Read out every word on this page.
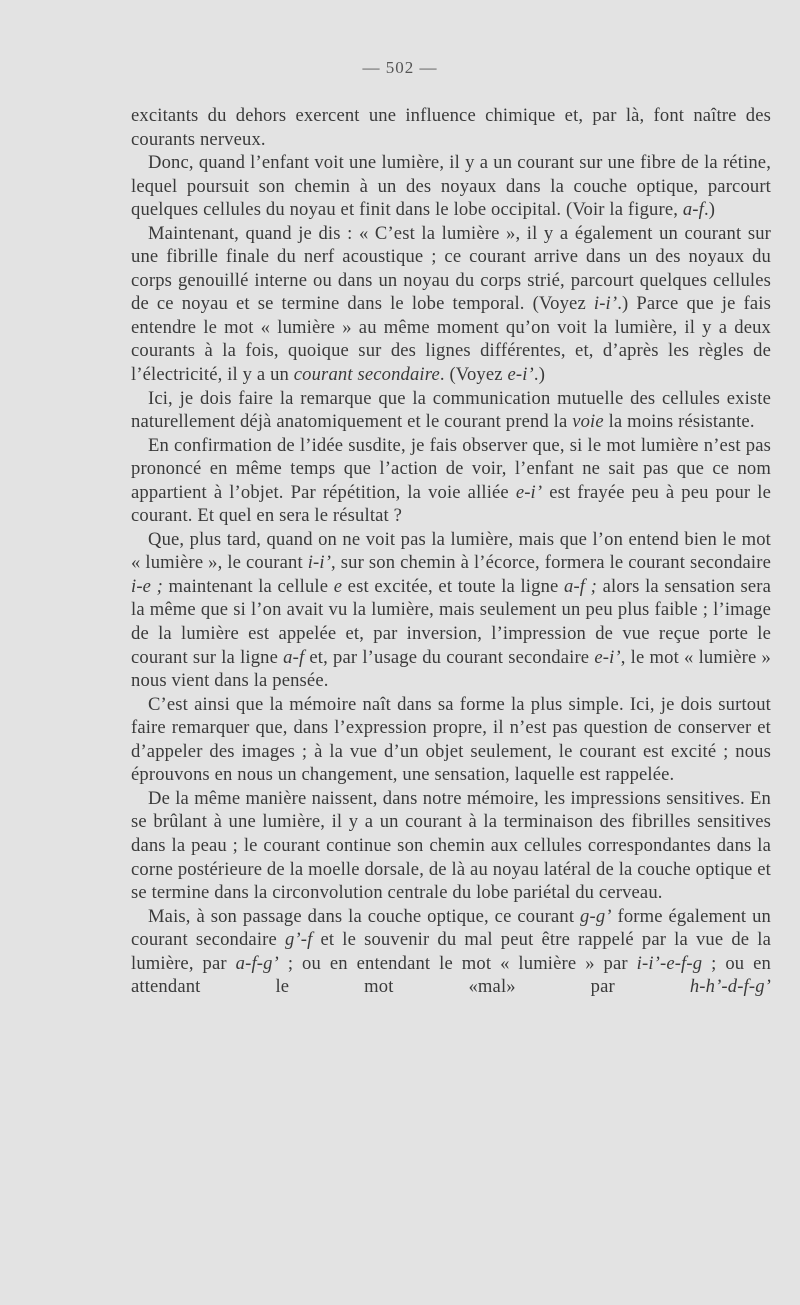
— 502 —

excitants du dehors exercent une influence chimique et, par là, font naître des courants nerveux.

Donc, quand l’enfant voit une lumière, il y a un courant sur une fibre de la rétine, lequel poursuit son chemin à un des noyaux dans la couche optique, parcourt quelques cellules du noyau et finit dans le lobe occipital. (Voir la figure, a-f.)

Maintenant, quand je dis : « C’est la lumière », il y a également un courant sur une fibrille finale du nerf acoustique ; ce courant arrive dans un des noyaux du corps genouillé interne ou dans un noyau du corps strié, parcourt quelques cellules de ce noyau et se termine dans le lobe temporal. (Voyez i-i’.) Parce que je fais entendre le mot « lumière » au même moment qu’on voit la lumière, il y a deux courants à la fois, quoique sur des lignes différentes, et, d’après les règles de l’électricité, il y a un courant secondaire. (Voyez e-i’.)

Ici, je dois faire la remarque que la communication mutuelle des cellules existe naturellement déjà anatomiquement et le courant prend la voie la moins résistante.

En confirmation de l’idée susdite, je fais observer que, si le mot lumière n’est pas prononcé en même temps que l’action de voir, l’enfant ne sait pas que ce nom appartient à l’objet. Par répétition, la voie alliée e-i’ est frayée peu à peu pour le courant. Et quel en sera le résultat ?

Que, plus tard, quand on ne voit pas la lumière, mais que l’on entend bien le mot « lumière », le courant i-i’, sur son chemin à l’écorce, formera le courant secondaire i-e ; maintenant la cellule e est excitée, et toute la ligne a-f ; alors la sensation sera la même que si l’on avait vu la lumière, mais seulement un peu plus faible ; l’image de la lumière est appelée et, par inversion, l’impression de vue reçue porte le courant sur la ligne a-f et, par l’usage du courant secondaire e-i’, le mot « lumière » nous vient dans la pensée.

C’est ainsi que la mémoire naît dans sa forme la plus simple. Ici, je dois surtout faire remarquer que, dans l’expression propre, il n’est pas question de conserver et d’appeler des images ; à la vue d’un objet seulement, le courant est excité ; nous éprouvons en nous un changement, une sensation, laquelle est rappelée.

De la même manière naissent, dans notre mémoire, les impressions sensitives. En se brûlant à une lumière, il y a un courant à la terminaison des fibrilles sensitives dans la peau ; le courant continue son chemin aux cellules correspondantes dans la corne postérieure de la moelle dorsale, de là au noyau latéral de la couche optique et se termine dans la circonvolution centrale du lobe pariétal du cerveau.

Mais, à son passage dans la couche optique, ce courant g-g’ forme également un courant secondaire g’-f et le souvenir du mal peut être rappelé par la vue de la lumière, par a-f-g’ ; ou en entendant le mot « lumière » par i-i’-e-f-g ; ou en attendant le mot «mal» par h-h’-d-f-g’
